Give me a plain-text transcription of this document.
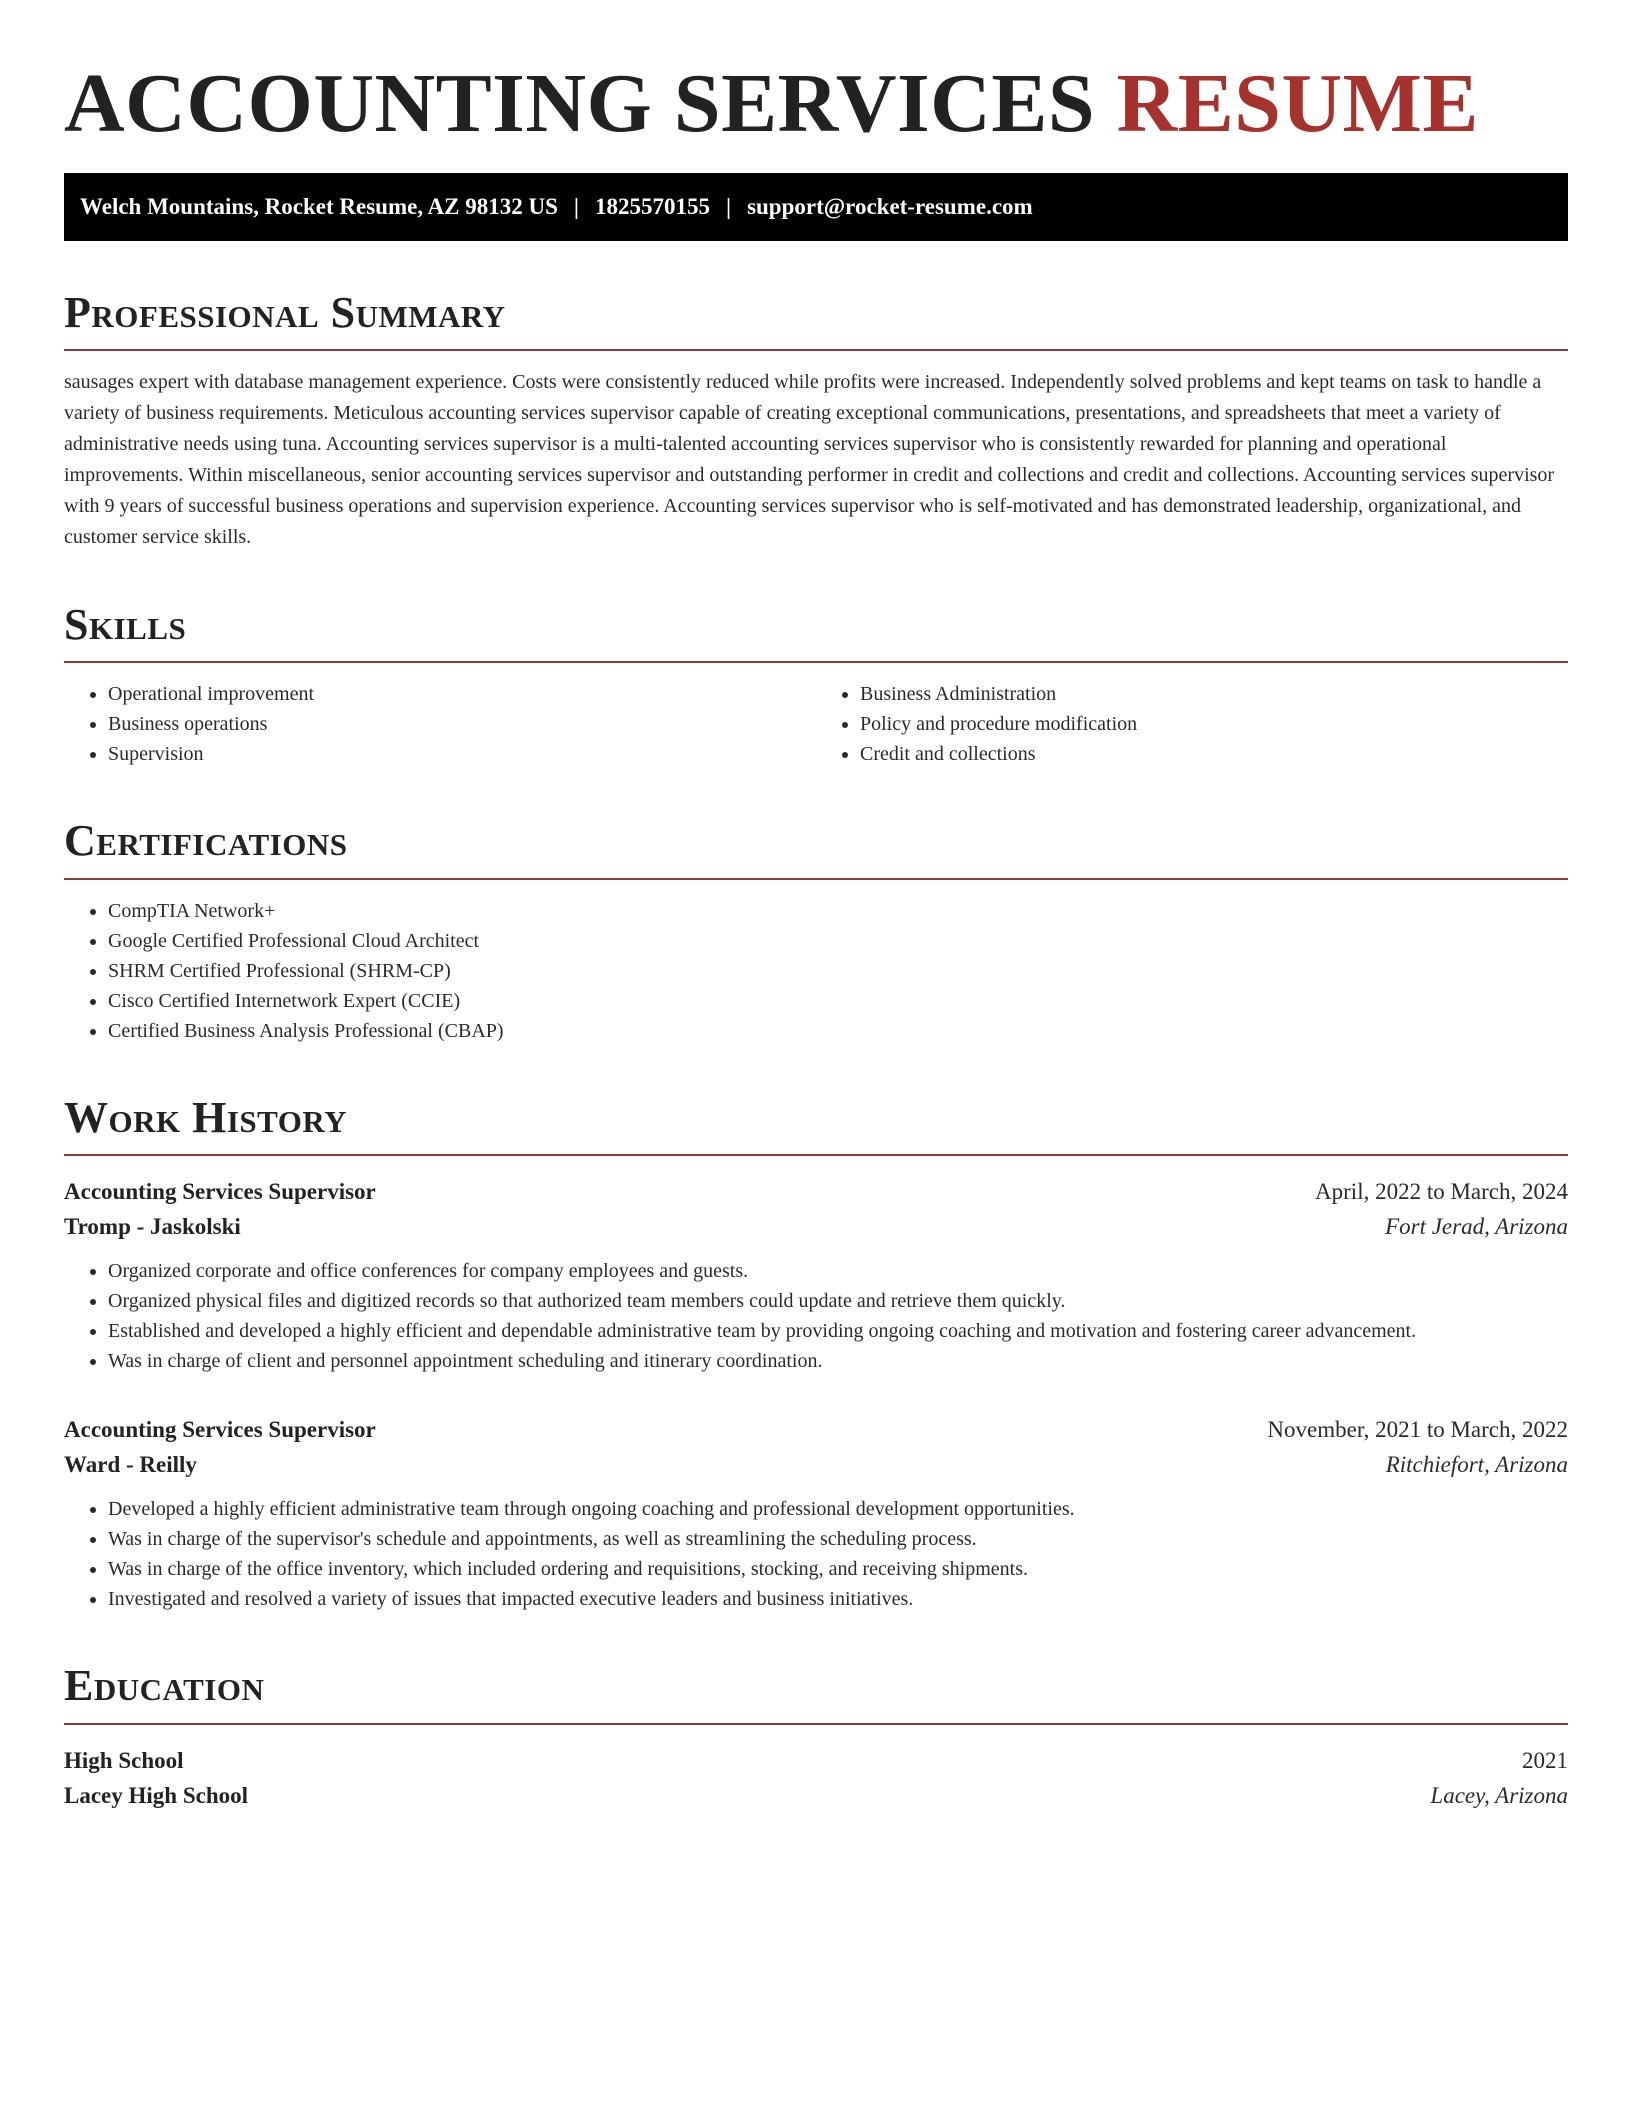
ACCOUNTING SERVICES RESUME
Welch Mountains, Rocket Resume, AZ 98132 US | 1825570155 | support@rocket-resume.com
Professional Summary

sausages expert with database management experience. Costs were consistently reduced while profits were increased. Independently solved problems and kept teams on task to handle a variety of business requirements. Meticulous accounting services supervisor capable of creating exceptional communications, presentations, and spreadsheets that meet a variety of administrative needs using tuna. Accounting services supervisor is a multi-talented accounting services supervisor who is consistently rewarded for planning and operational improvements. Within miscellaneous, senior accounting services supervisor and outstanding performer in credit and collections and credit and collections. Accounting services supervisor with 9 years of successful business operations and supervision experience. Accounting services supervisor who is self-motivated and has demonstrated leadership, organizational, and customer service skills.

Skills
• Operational improvement
• Business operations
• Supervision
• Business Administration
• Policy and procedure modification
• Credit and collections
Certifications
• CompTIA Network+
• Google Certified Professional Cloud Architect
• SHRM Certified Professional (SHRM-CP)
• Cisco Certified Internetwork Expert (CCIE)
• Certified Business Analysis Professional (CBAP)
Work History
Accounting Services Supervisor	April, 2022 to March, 2024
Tromp - Jaskolski	Fort Jerad, Arizona
• Organized corporate and office conferences for company employees and guests.
• Organized physical files and digitized records so that authorized team members could update and retrieve them quickly.
• Established and developed a highly efficient and dependable administrative team by providing ongoing coaching and motivation and fostering career advancement.
• Was in charge of client and personnel appointment scheduling and itinerary coordination.
Accounting Services Supervisor	November, 2021 to March, 2022
Ward - Reilly	Ritchiefort, Arizona
• Developed a highly efficient administrative team through ongoing coaching and professional development opportunities.
• Was in charge of the supervisor's schedule and appointments, as well as streamlining the scheduling process.
• Was in charge of the office inventory, which included ordering and requisitions, stocking, and receiving shipments.
• Investigated and resolved a variety of issues that impacted executive leaders and business initiatives.
Education
High School	2021
Lacey High School	Lacey, Arizona
